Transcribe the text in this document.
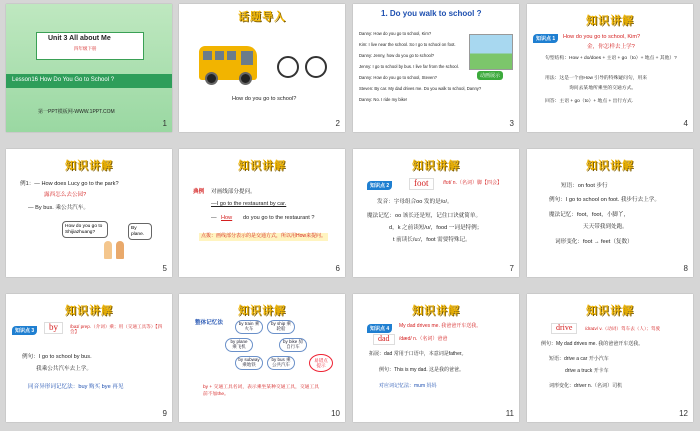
Unit 3 All about Me
四年级下册
Lesson16 How Do You Go to School ?
第一PPT模板网-WWW.1PPT.COM
1
话题导入
How do you go to school?
2
1. Do you walk to school ?
Danny: How do you go to school, Kim?
Kim: I live near the school. So I go to school on foot.
Danny: Jenny, how do you go to school?
Jenny: I go to school by bus. I live far from the school.
Danny: How do you go to school, Steven?
Steven: By car. My dad drives me. Do you walk to school, Danny?
Danny: No. I ride my bike!
动画展示
3
知识讲解
知识点 1	How do you go to school, Kim?
金，你怎样去上学?
句型结构：How + do/does + 主语 + go（to）+ 地点 + 其他）?
用法：这是一个由How 引导的特殊疑问句，用来
询问去某地所乘坐的交通方式。
回答：主语 + go（to）+ 地点 + 出行方式.
4
知识讲解
例1：— How does Lucy go to the park?
露西怎么去公园?
— By bus. 乘公共汽车。
How do you go to Shijiazhuang?
By plane.
5
知识讲解
典例 对画线部分提问。
—I go to the restaurant by car.
— How do you go to the restaurant ?
点拨：画线部分表示的是交通方式，所以用How来提问。
6
知识讲解
知识点 2	foot	/fʊt/ n.（名词）脚【四会】
发音：字母组合oo 发的是/ʊ/。
魔法记忆：oo 该长还是短，记住口诀就简单。
d，k 之前读短/ʊ/，food 一词是特例；
t 前读长/u:/，foot 需要特殊记。
7
知识讲解
短语：on foot 步行
例句：I go to school on foot. 我步行去上学。
魔法记忆：foot，foot，小脚丫，
天天带我到处跑。
词形变化：foot → feet（复数）
8
知识讲解
知识点 3	by	/baɪ/ prep.（介词）乘；用（交通工具等）【四会】
例句：I go to school by bus.
我乘公共汽车去上学。
同音异形词记忆法：buy 购买 bye 再见
9
知识讲解
整体记忆法	by train 乘火车
by ship 乘轮船
by plane 乘飞机
by bike 骑自行车
by subway 乘地铁
by bus 乘公共汽车
易错点提示
by + 交通工具名词，表示乘坐某种交通工具，交通工具前不加the。
10
知识讲解
知识点 4	My dad drives me. 我爸爸开车送我。
dad	/dæd/ n.（名词）爸爸
拓展：dad 常用于口语中，本意词是father。
例句：This is my dad. 这是我的爸爸。
对应词记忆法：mum 妈妈
11
知识讲解
drive	/draɪv/ v.（动词）驾车去（人）；驾驶
例句：My dad drives me. 我的爸爸开车送我。
短语：drive a car 开小汽车
drive a truck 开卡车
词形变化：driver n.（名词）司机
12
